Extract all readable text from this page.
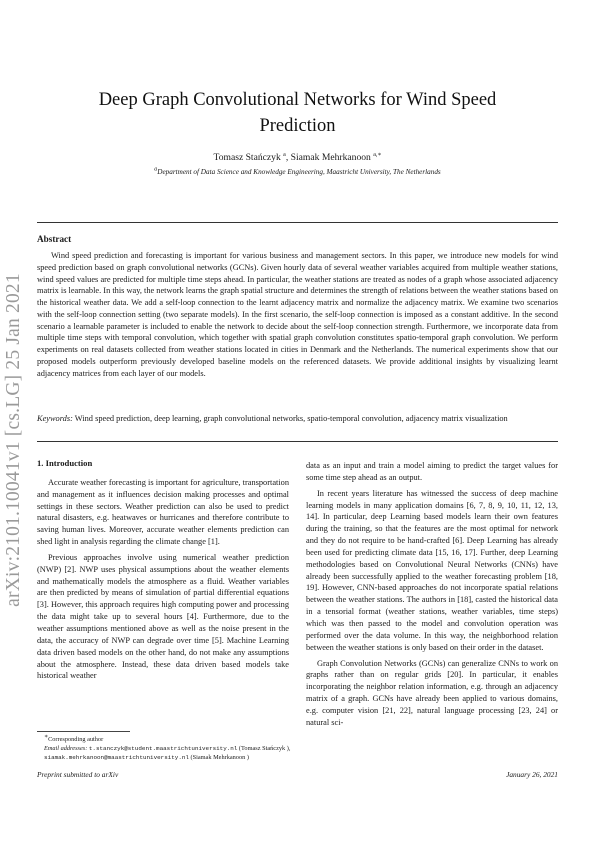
arXiv:2101.10041v1 [cs.LG] 25 Jan 2021
Deep Graph Convolutional Networks for Wind Speed Prediction
Tomasz Stańczyk $^a$, Siamak Mehrkanoon $^{a,∗}$
$^a$Department of Data Science and Knowledge Engineering, Maastricht University, The Netherlands
Abstract
Wind speed prediction and forecasting is important for various business and management sectors. In this paper, we introduce new models for wind speed prediction based on graph convolutional networks (GCNs). Given hourly data of several weather variables acquired from multiple weather stations, wind speed values are predicted for multiple time steps ahead. In particular, the weather stations are treated as nodes of a graph whose associated adjacency matrix is learnable. In this way, the network learns the graph spatial structure and determines the strength of relations between the weather stations based on the historical weather data. We add a self-loop connection to the learnt adjacency matrix and normalize the adjacency matrix. We examine two scenarios with the self-loop connection setting (two separate models). In the first scenario, the self-loop connection is imposed as a constant additive. In the second scenario a learnable parameter is included to enable the network to decide about the self-loop connection strength. Furthermore, we incorporate data from multiple time steps with temporal convolution, which together with spatial graph convolution constitutes spatio-temporal graph convolution. We perform experiments on real datasets collected from weather stations located in cities in Denmark and the Netherlands. The numerical experiments show that our proposed models outperform previously developed baseline models on the referenced datasets. We provide additional insights by visualizing learnt adjacency matrices from each layer of our models.
Keywords: Wind speed prediction, deep learning, graph convolutional networks, spatio-temporal convolution, adjacency matrix visualization
1. Introduction

Accurate weather forecasting is important for agriculture, transportation and management as it influences decision making processes and optimal settings in these sectors. Weather prediction can also be used to predict natural disasters, e.g. heatwaves or hurricanes and therefore contribute to saving human lives. Moreover, accurate weather elements prediction can shed light in analysis regarding the climate change [1].

Previous approaches involve using numerical weather prediction (NWP) [2]. NWP uses physical assumptions about the weather elements and mathematically models the atmosphere as a fluid. Weather variables are then predicted by means of simulation of partial differential equations [3]. However, this approach requires high computing power and processing the data might take up to several hours [4]. Furthermore, due to the weather assumptions mentioned above as well as the noise present in the data, the accuracy of NWP can degrade over time [5]. Machine Learning data driven based models on the other hand, do not make any assumptions about the atmosphere. Instead, these data driven based models take historical weather

data as an input and train a model aiming to predict the target values for some time step ahead as an output.

In recent years literature has witnessed the success of deep machine learning models in many application domains [6, 7, 8, 9, 10, 11, 12, 13, 14]. In particular, deep Learning based models learn their own features during the training, so that the features are the most optimal for network and they do not require to be hand-crafted [6]. Deep Learning has already been used for predicting climate data [15, 16, 17]. Further, deep Learning methodologies based on Convolutional Neural Networks (CNNs) have already been successfully applied to the weather forecasting problem [18, 19]. However, CNN-based approaches do not incorporate spatial relations between the weather stations. The authors in [18], casted the historical data in a tensorial format (weather stations, weather variables, time steps) which was then passed to the model and convolution operation was performed over the data volume. In this way, the neighborhood relation between the weather stations is only based on their order in the dataset.

Graph Convolution Networks (GCNs) can generalize CNNs to work on graphs rather than on regular grids [20]. In particular, it enables incorporating the neighbor relation information, e.g. through an adjacency matrix of a graph. GCNs have already been applied to various domains, e.g. computer vision [21, 22], natural language processing [23, 24] or natural sci-

∗Corresponding author
Email addresses: t.stanczyk@student.maastrichtuniversity.nl (Tomasz Stańczyk ), siamak.mehrkanoon@maastrichtuniversity.nl (Siamak Mehrkanoon )
Preprint submitted to arXiv	January 26, 2021
